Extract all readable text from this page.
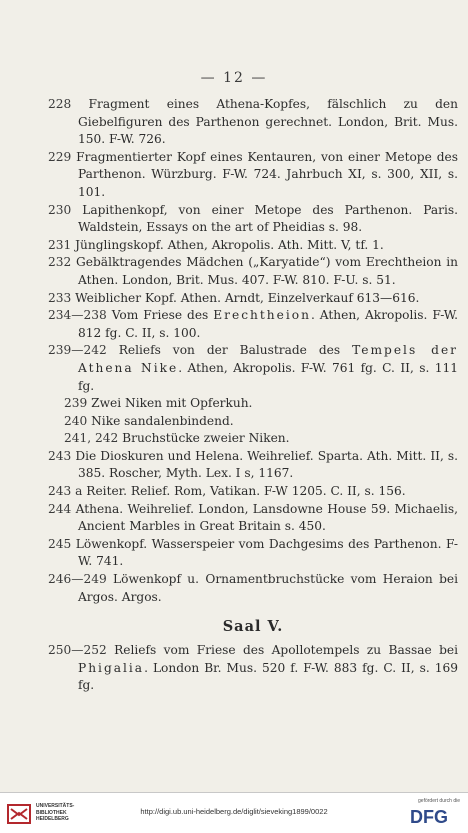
— 12 —
228 Fragment eines Athena-Kopfes, fälschlich zu den Giebelfiguren des Parthenon gerechnet. London, Brit. Mus. 150. F-W. 726.
229 Fragmentierter Kopf eines Kentauren, von einer Metope des Parthenon. Würzburg. F-W. 724. Jahrbuch XI, s. 300, XII, s. 101.
230 Lapithenkopf, von einer Metope des Parthenon. Paris. Waldstein, Essays on the art of Pheidias s. 98.
231 Jünglingskopf. Athen, Akropolis. Ath. Mitt. V, tf. 1.
232 Gebälktragendes Mädchen („Karyatide“) vom Erechtheion in Athen. London, Brit. Mus. 407. F-W. 810. F-U. s. 51.
233 Weiblicher Kopf. Athen. Arndt, Einzelverkauf 613—616.
234—238 Vom Friese des Erechtheion. Athen, Akropolis. F-W. 812 fg. C. II, s. 100.
239—242 Reliefs von der Balustrade des Tempels der Athena Nike. Athen, Akropolis. F-W. 761 fg. C. II, s. 111 fg.
239 Zwei Niken mit Opferkuh.
240 Nike sandalenbindend.
241, 242 Bruchstücke zweier Niken.
243 Die Dioskuren und Helena. Weihrelief. Sparta. Ath. Mitt. II, s. 385. Roscher, Myth. Lex. I s, 1167.
243 a Reiter. Relief. Rom, Vatikan. F-W 1205. C. II, s. 156.
244 Athena. Weihrelief. London, Lansdowne House 59. Michaelis, Ancient Marbles in Great Britain s. 450.
245 Löwenkopf. Wasserspeier vom Dachgesims des Parthenon. F-W. 741.
246—249 Löwenkopf u. Ornamentbruchstücke vom Heraion bei Argos. Argos.
Saal V.
250—252 Reliefs vom Friese des Apollotempels zu Bassae bei Phigalia. London Br. Mus. 520 f. F-W. 883 fg. C. II, s. 169 fg.
UNIVERSITÄTS-
BIBLIOTHEK
HEIDELBERG
http://digi.ub.uni-heidelberg.de/diglit/sieveking1899/0022
gefördert durch die
DFG
